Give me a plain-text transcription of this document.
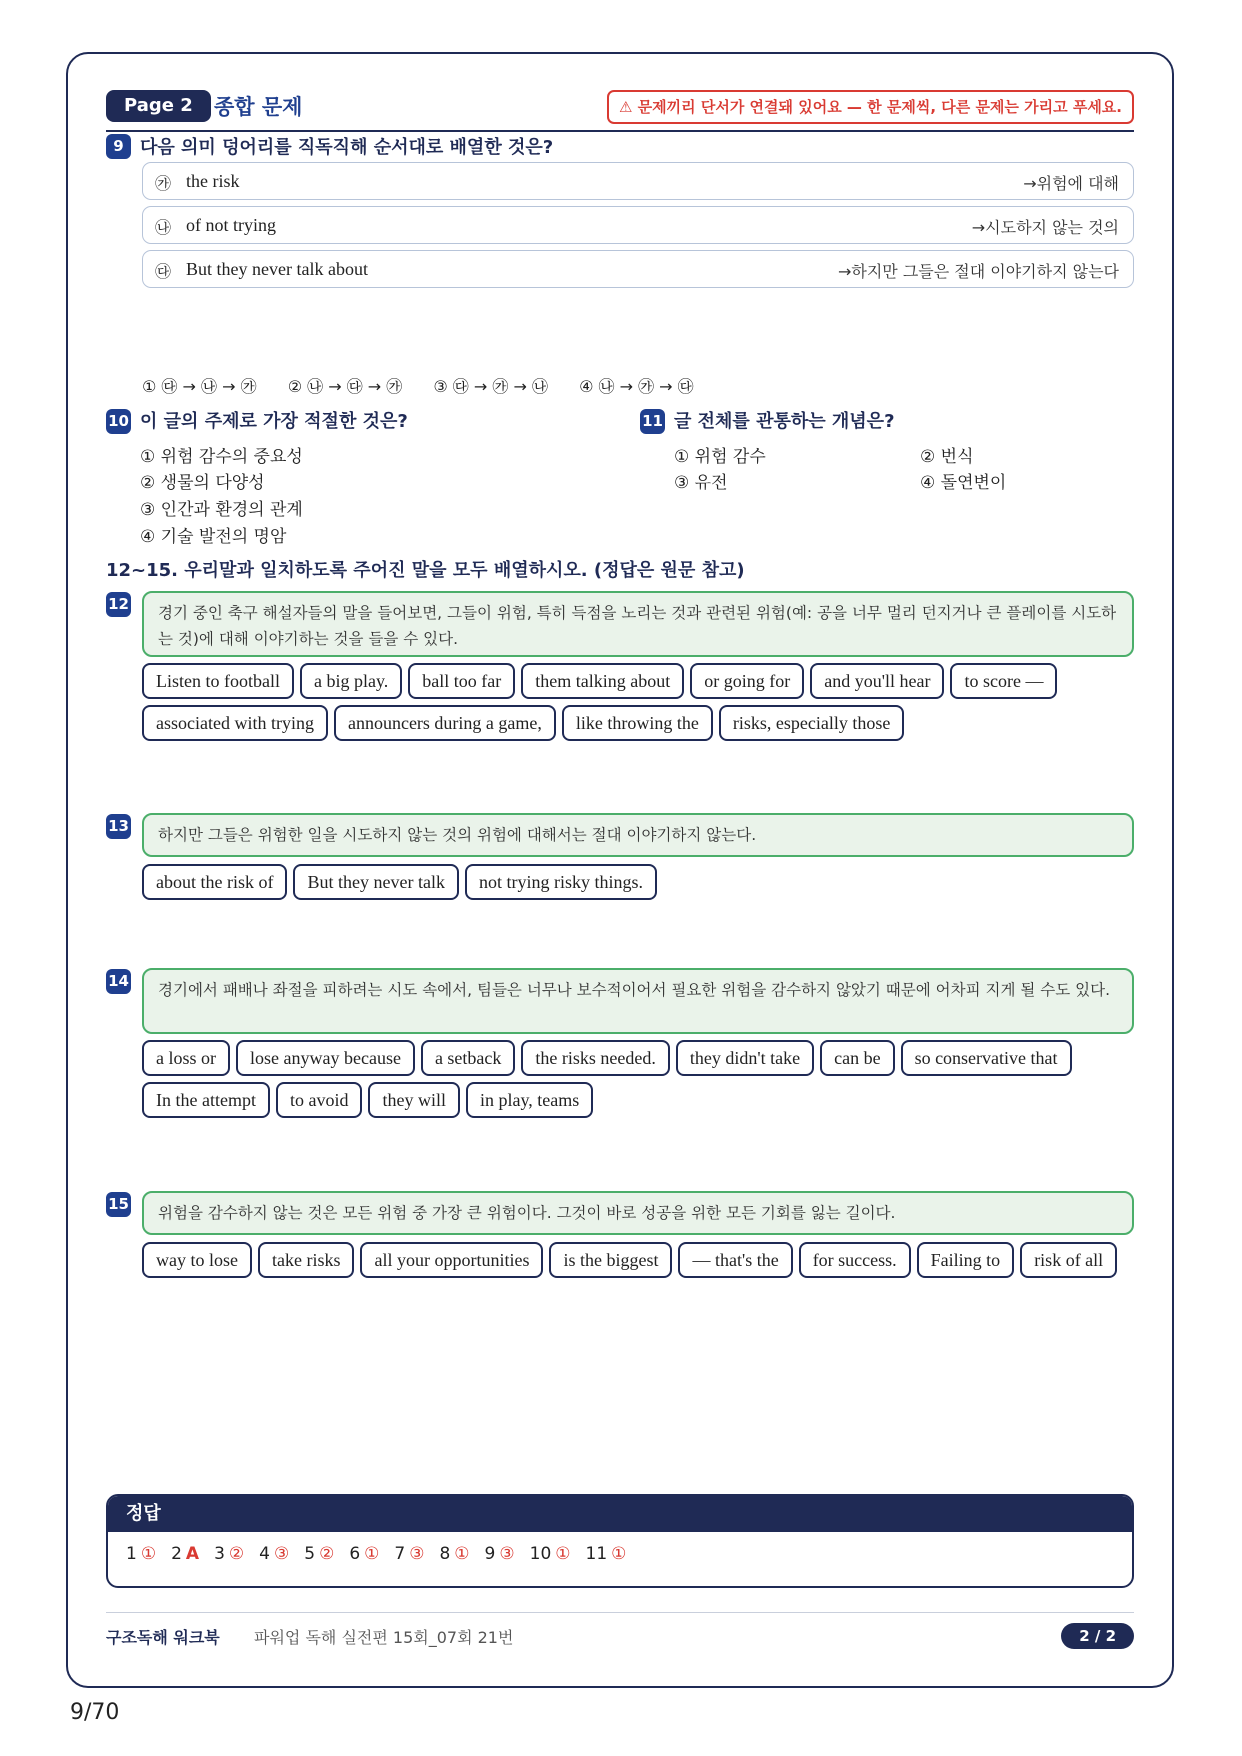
Page 2	종합 문제	⚠ 문제끼리 단서가 연결돼 있어요 — 한 문제씩, 다른 문제는 가리고 푸세요.
9 다음 의미 덩어리를 직독직해 순서대로 배열한 것은?
㉮ the risk	→위험에 대해
㉯ of not trying	→시도하지 않는 것의
㉰ But they never talk about	→하지만 그들은 절대 이야기하지 않는다
① ㉰ → ㉯ → ㉮ ② ㉯ → ㉰ → ㉮ ③ ㉰ → ㉮ → ㉯ ④ ㉯ → ㉮ → ㉰
10 이 글의 주제로 가장 적절한 것은?
① 위험 감수의 중요성
② 생물의 다양성
③ 인간과 환경의 관계
④ 기술 발전의 명암
11 글 전체를 관통하는 개념은?
① 위험 감수	② 번식
③ 유전	④ 돌연변이
12~15. 우리말과 일치하도록 주어진 말을 모두 배열하시오. (정답은 원문 참고)
12	경기 중인 축구 해설자들의 말을 들어보면, 그들이 위험, 특히 득점을 노리는 것과 관련된 위험(예: 공을 너무 멀리 던지거나 큰 플레이를 시도하는 것)에 대해 이야기하는 것을 들을 수 있다.
Listen to football	a big play.	ball too far	them talking about	or going for	and you'll hear	to score —
associated with trying	announcers during a game,	like throwing the	risks, especially those
13	하지만 그들은 위험한 일을 시도하지 않는 것의 위험에 대해서는 절대 이야기하지 않는다.
about the risk of	But they never talk	not trying risky things.
14	경기에서 패배나 좌절을 피하려는 시도 속에서, 팀들은 너무나 보수적이어서 필요한 위험을 감수하지 않았기 때문에 어차피 지게 될 수도 있다.
a loss or	lose anyway because	a setback	the risks needed.	they didn't take	can be	so conservative that
In the attempt	to avoid	they will	in play, teams
15	위험을 감수하지 않는 것은 모든 위험 중 가장 큰 위험이다. 그것이 바로 성공을 위한 모든 기회를 잃는 길이다.
way to lose	take risks	all your opportunities	is the biggest	— that's the	for success.	Failing to	risk of all
정답
1 ① 2 A 3 ② 4 ③ 5 ② 6 ① 7 ③ 8 ① 9 ③ 10 ① 11 ①
구조독해 워크북 파워업 독해 실전편 15회_07회 21번	2 / 2
9/70
